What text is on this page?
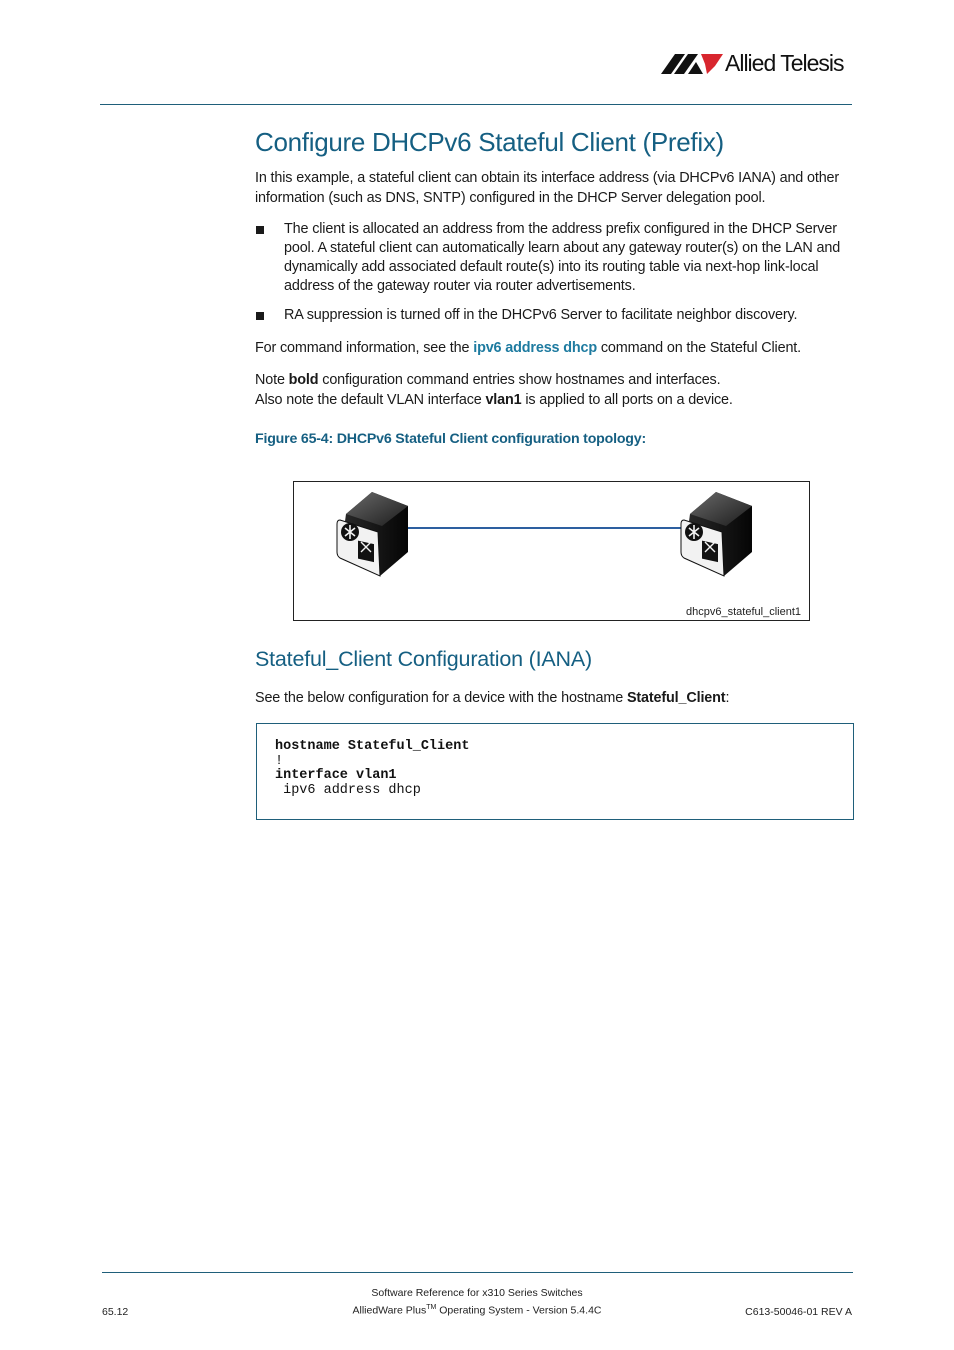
Allied Telesis
Configure DHCPv6 Stateful Client (Prefix)
In this example, a stateful client can obtain its interface address (via DHCPv6 IANA) and other information (such as DNS, SNTP) configured in the DHCP Server delegation pool.
The client is allocated an address from the address prefix configured in the DHCP Server pool. A stateful client can automatically learn about any gateway router(s) on the LAN and dynamically add associated default route(s) into its routing table via next-hop link-local address of the gateway router via router advertisements.
RA suppression is turned off in the DHCPv6 Server to facilitate neighbor discovery.
For command information, see the ipv6 address dhcp command on the Stateful Client.
Note bold configuration command entries show hostnames and interfaces.
Also note the default VLAN interface vlan1 is applied to all ports on a device.
Figure 65-4: DHCPv6 Stateful Client configuration topology:
dhcpv6_stateful_client1
Stateful_Client Configuration (IANA)
See the below configuration for a device with the hostname Stateful_Client:
hostname Stateful_Client
!
interface vlan1
ipv6 address dhcp
Software Reference for x310 Series Switches
AlliedWare Plus™ Operating System - Version 5.4.4C
65.12	C613-50046-01 REV A
